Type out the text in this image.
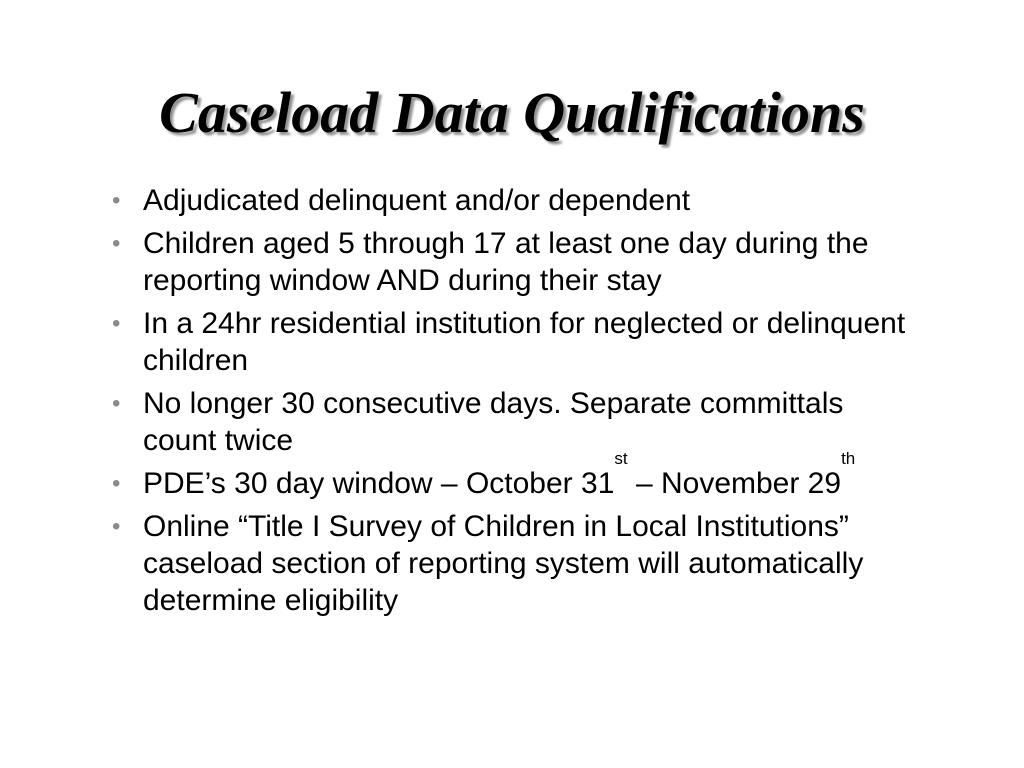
Caseload Data Qualifications
• Adjudicated delinquent and/or dependent
• Children aged 5 through 17 at least one day during the reporting window AND during their stay
• In a 24hr residential institution for neglected or delinquent children
• No longer 30 consecutive days. Separate committals count twice
• PDE’s 30 day window – October 31st – November 29th
• Online “Title I Survey of Children in Local Institutions” caseload section of reporting system will automatically determine eligibility
